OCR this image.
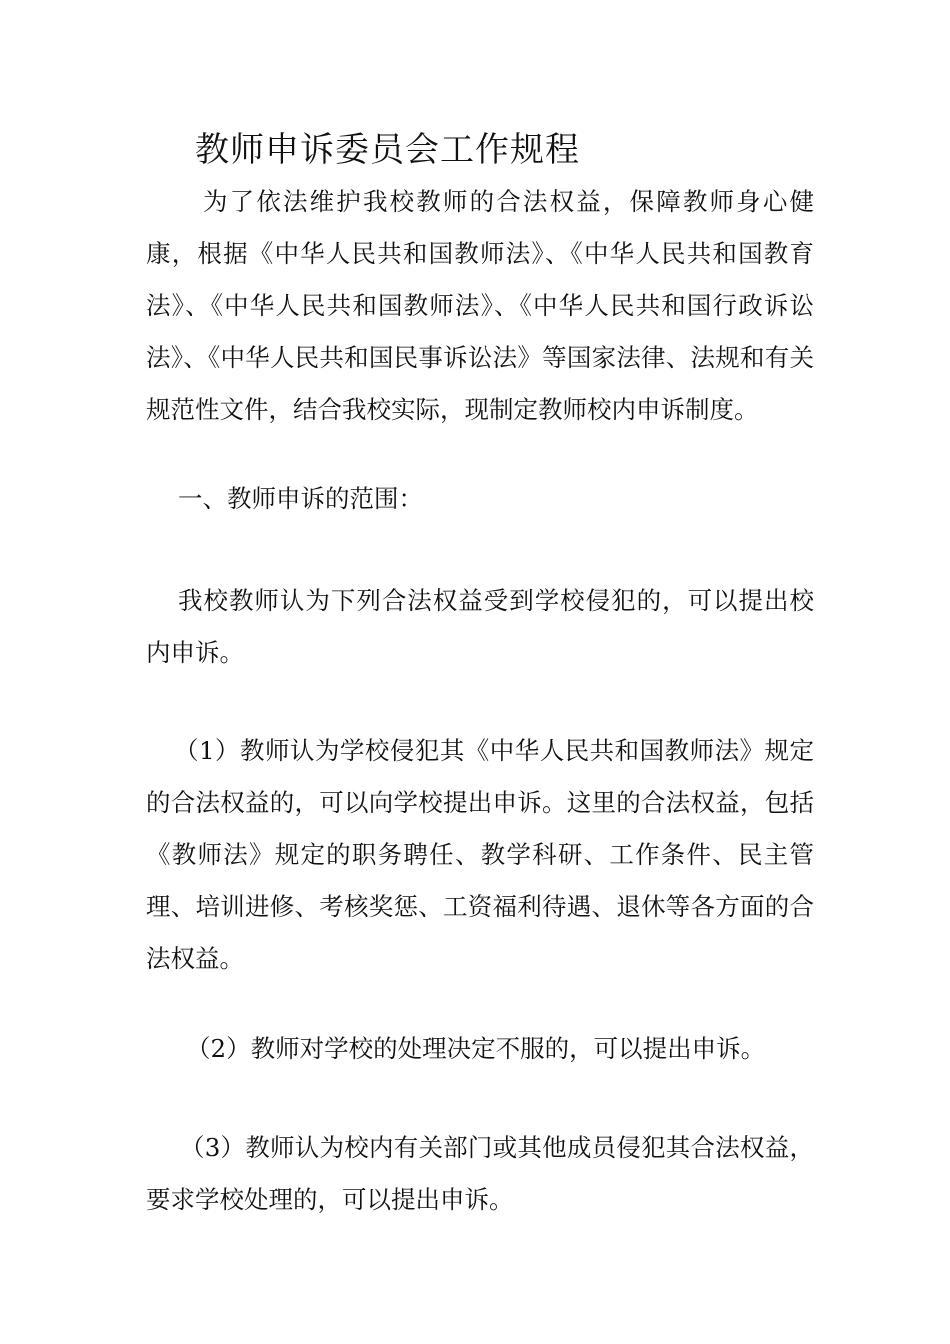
教师申诉委员会工作规程

为了依法维护我校教师的合法权益，保障教师身心健康，根据《中华人民共和国教师法》、《中华人民共和国教育法》、《中华人民共和国教师法》、《中华人民共和国行政诉讼法》、《中华人民共和国民事诉讼法》等国家法律、法规和有关规范性文件，结合我校实际，现制定教师校内申诉制度。

一、教师申诉的范围：

我校教师认为下列合法权益受到学校侵犯的，可以提出校内申诉。

（1）教师认为学校侵犯其《中华人民共和国教师法》规定的合法权益的，可以向学校提出申诉。这里的合法权益，包括《教师法》规定的职务聘任、教学科研、工作条件、民主管理、培训进修、考核奖惩、工资福利待遇、退休等各方面的合法权益。

（2）教师对学校的处理决定不服的，可以提出申诉。

（3）教师认为校内有关部门或其他成员侵犯其合法权益，要求学校处理的，可以提出申诉。
